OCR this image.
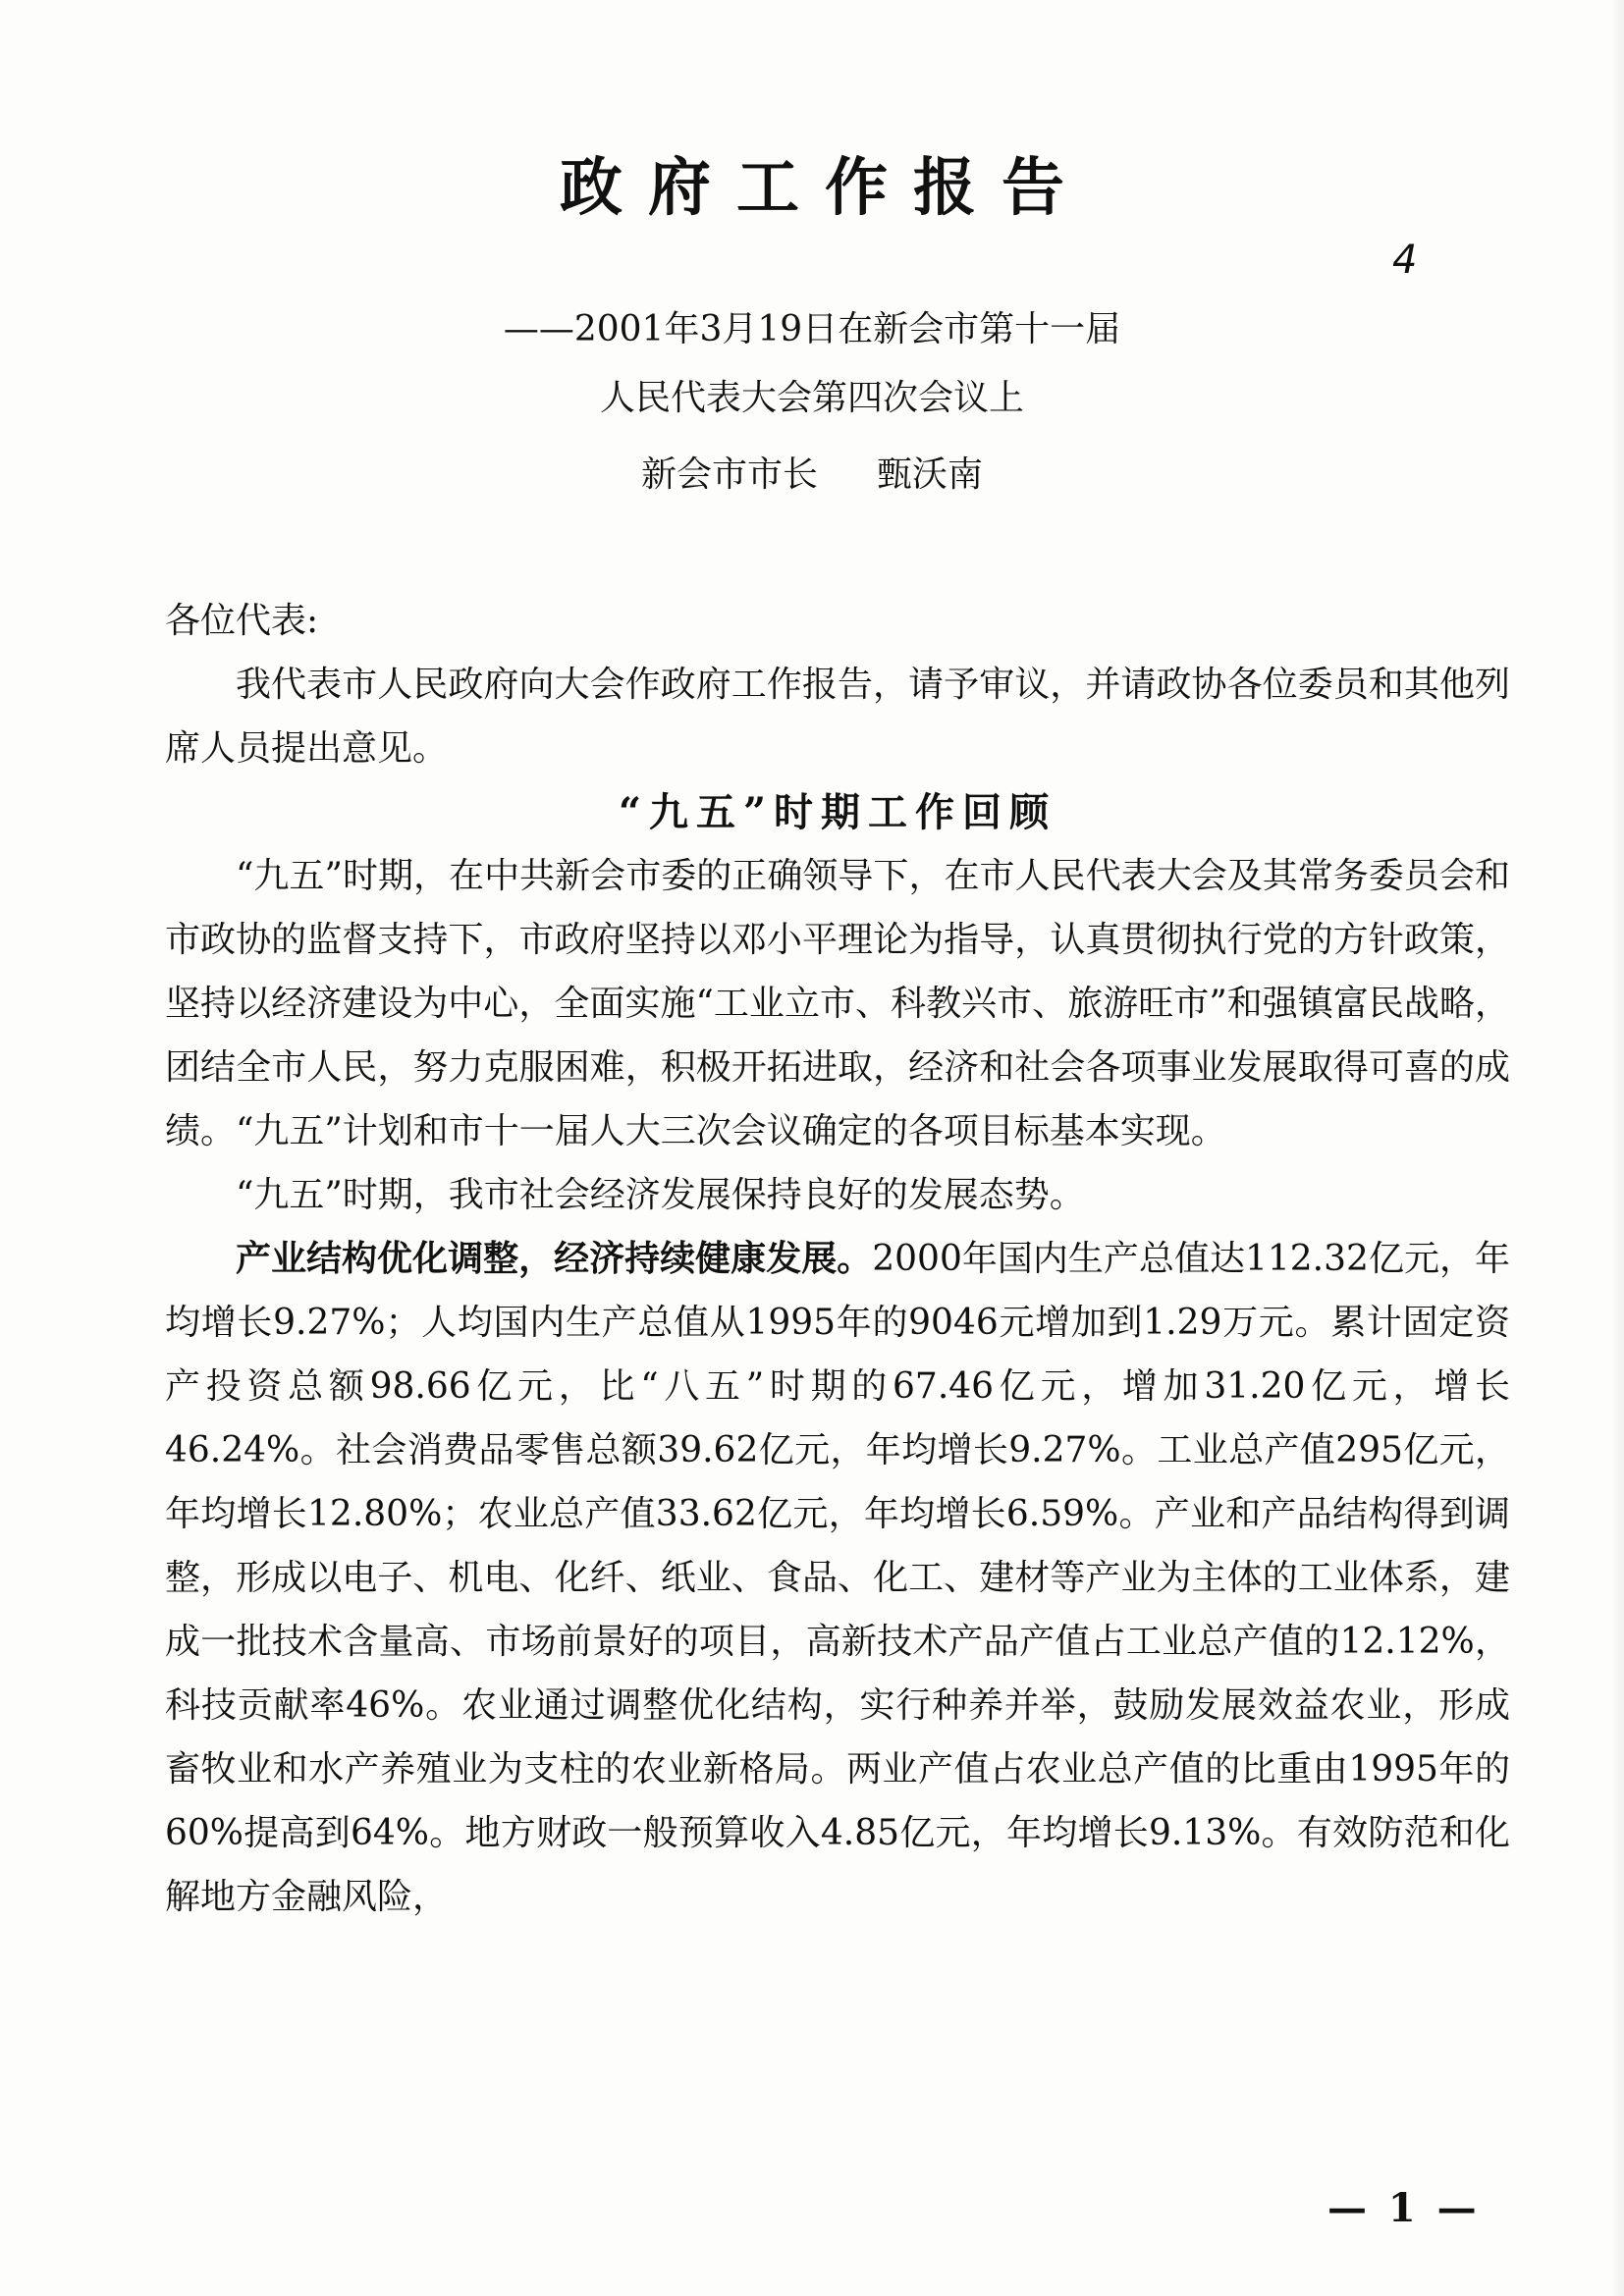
政府工作报告
4
——2001年3月19日在新会市第十一届
人民代表大会第四次会议上
新会市市长 甄沃南

各位代表:

我代表市人民政府向大会作政府工作报告，请予审议，并请政协各位委员和其他列席人员提出意见。

“九五”时期工作回顾

“九五”时期，在中共新会市委的正确领导下，在市人民代表大会及其常务委员会和市政协的监督支持下，市政府坚持以邓小平理论为指导，认真贯彻执行党的方针政策，坚持以经济建设为中心，全面实施“工业立市、科教兴市、旅游旺市”和强镇富民战略，团结全市人民，努力克服困难，积极开拓进取，经济和社会各项事业发展取得可喜的成绩。“九五”计划和市十一届人大三次会议确定的各项目标基本实现。

“九五”时期，我市社会经济发展保持良好的发展态势。

产业结构优化调整，经济持续健康发展。2000年国内生产总值达112.32亿元，年均增长9.27%；人均国内生产总值从1995年的9046元增加到1.29万元。累计固定资产投资总额98.66亿元，比“八五”时期的67.46亿元，增加31.20亿元，增长46.24%。社会消费品零售总额39.62亿元，年均增长9.27%。工业总产值295亿元，年均增长12.80%；农业总产值33.62亿元，年均增长6.59%。产业和产品结构得到调整，形成以电子、机电、化纤、纸业、食品、化工、建材等产业为主体的工业体系，建成一批技术含量高、市场前景好的项目，高新技术产品产值占工业总产值的12.12%，科技贡献率46%。农业通过调整优化结构，实行种养并举，鼓励发展效益农业，形成畜牧业和水产养殖业为支柱的农业新格局。两业产值占农业总产值的比重由1995年的60%提高到64%。地方财政一般预算收入4.85亿元，年均增长9.13%。有效防范和化解地方金融风险，

— 1 —
